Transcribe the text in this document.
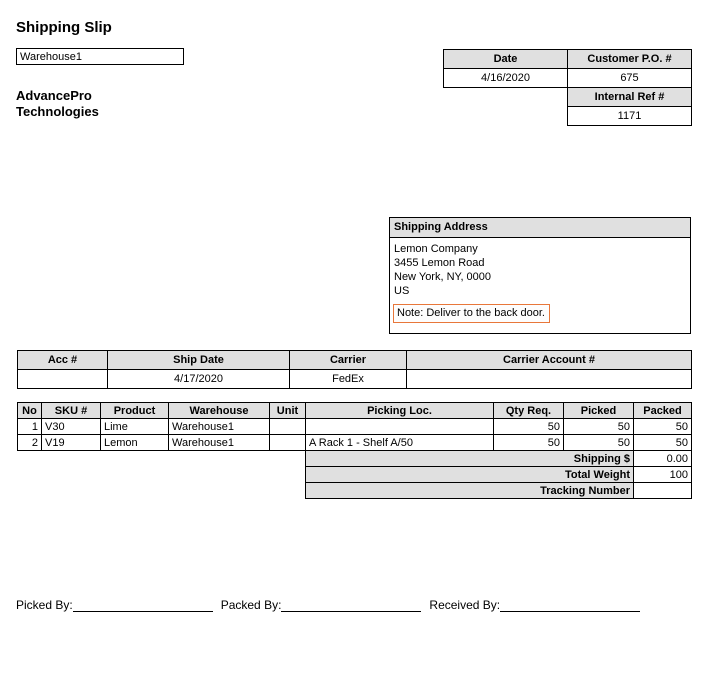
Shipping Slip
Warehouse1
AdvancePro
Technologies
Date	Customer P.O. #
4/16/2020	675
	Internal Ref #
	1171
Shipping Address
Lemon Company
3455 Lemon Road
New York, NY, 0000
US
Note: Deliver to the back door.
Acc #	Ship Date	Carrier	Carrier Account #
	4/17/2020	FedEx	
No	SKU #	Product	Warehouse	Unit	Picking Loc.	Qty Req.	Picked	Packed
1	V30	Lime	Warehouse1			50	50	50
2	V19	Lemon	Warehouse1		A Rack 1 - Shelf A/50	50	50	50
					Shipping $			0.00
					Total Weight			100
					Tracking Number			
Picked By:	Packed By:	Received By:
